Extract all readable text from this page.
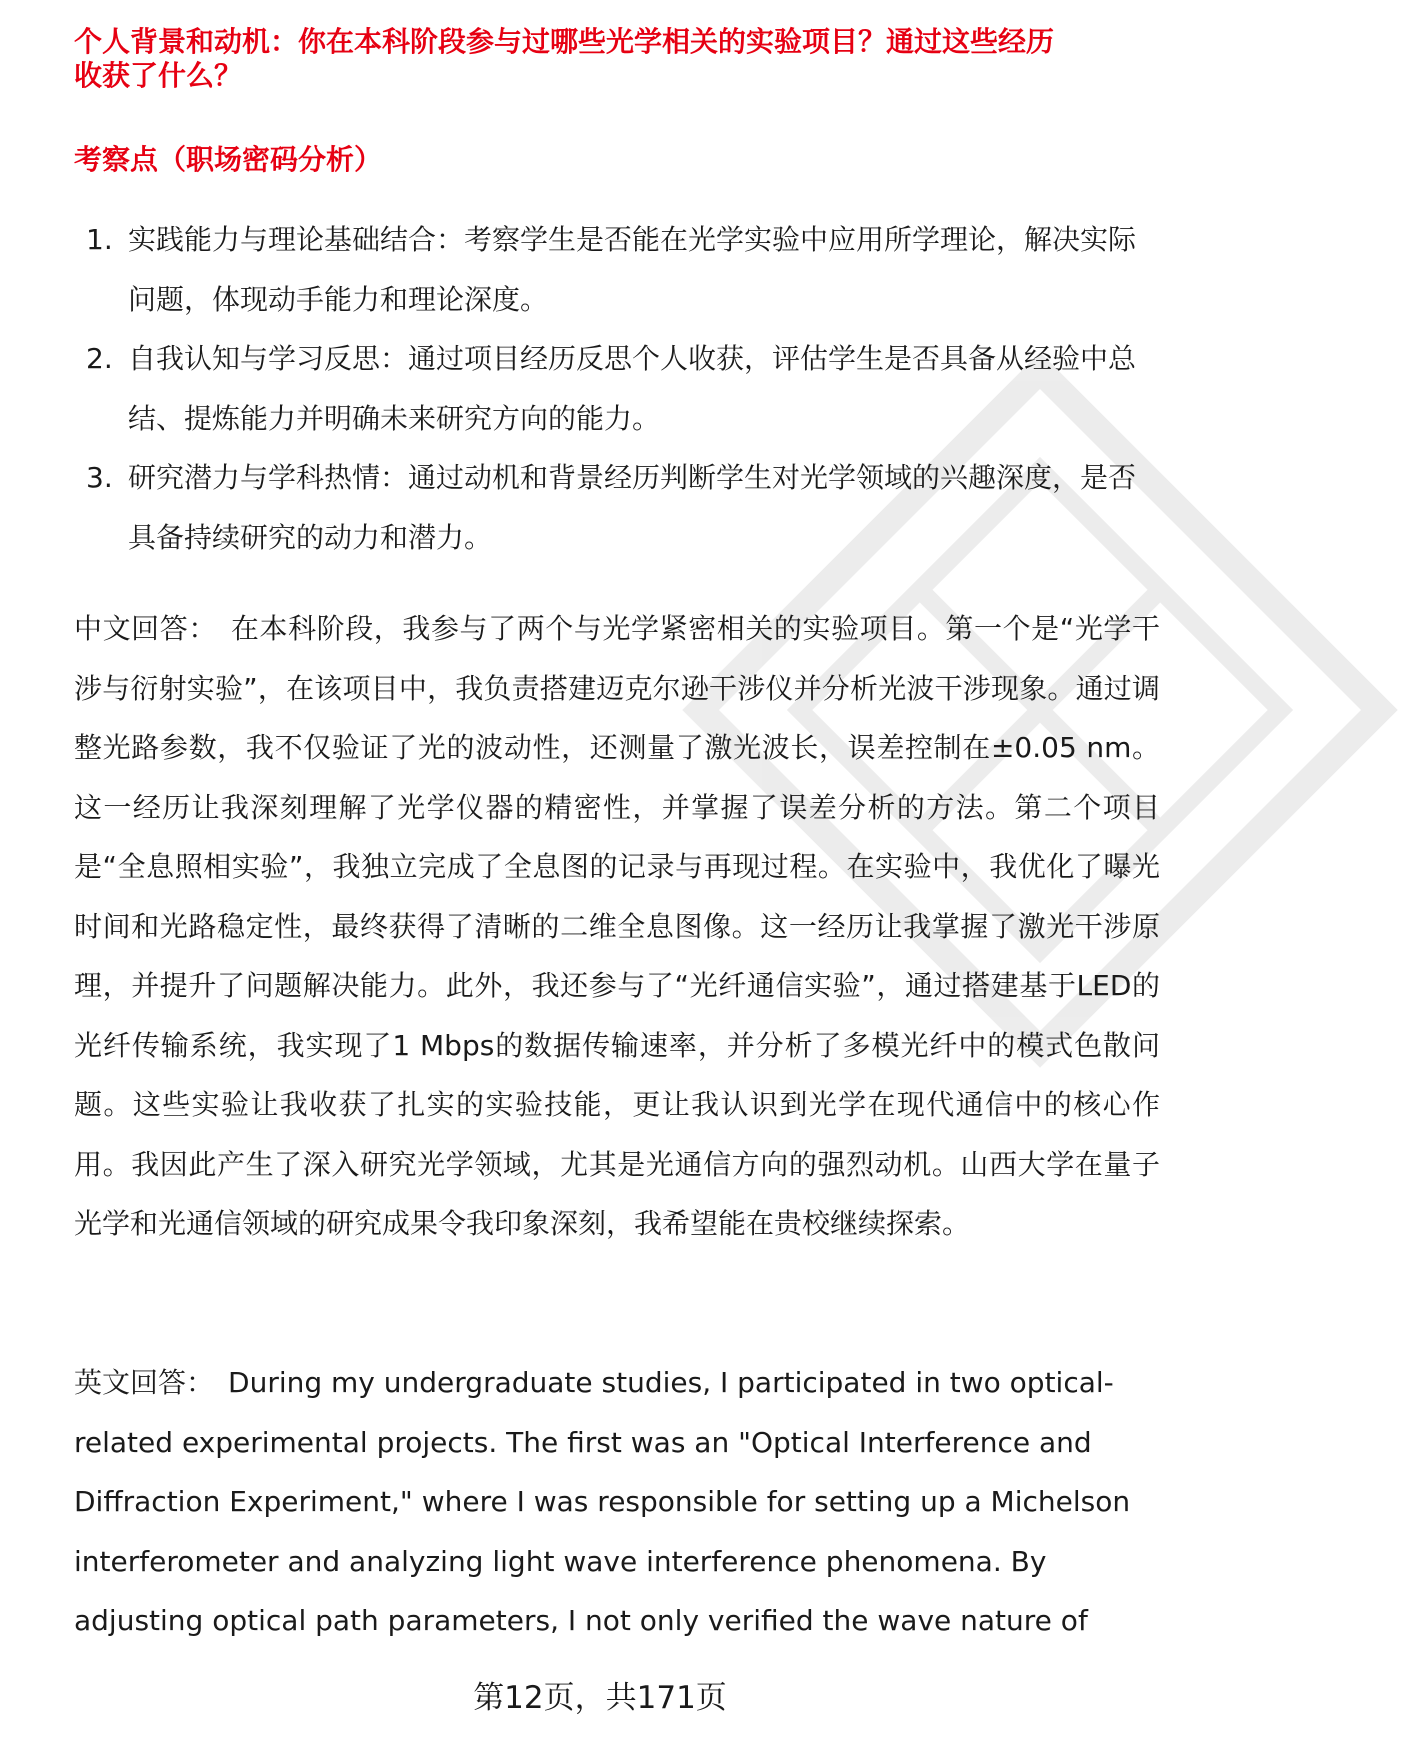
个人背景和动机：你在本科阶段参与过哪些光学相关的实验项目？通过这些经历
收获了什么？
考察点（职场密码分析）
1. 实践能力与理论基础结合：考察学生是否能在光学实验中应用所学理论，解决实际问题，体现动手能力和理论深度。
2. 自我认知与学习反思：通过项目经历反思个人收获，评估学生是否具备从经验中总结、提炼能力并明确未来研究方向的能力。
3. 研究潜力与学科热情：通过动机和背景经历判断学生对光学领域的兴趣深度，是否具备持续研究的动力和潜力。
中文回答： 在本科阶段，我参与了两个与光学紧密相关的实验项目。第一个是“光学干涉与衍射实验”，在该项目中，我负责搭建迈克尔逊干涉仪并分析光波干涉现象。通过调整光路参数，我不仅验证了光的波动性，还测量了激光波长，误差控制在±0.05 nm。这一经历让我深刻理解了光学仪器的精密性，并掌握了误差分析的方法。第二个项目是“全息照相实验”，我独立完成了全息图的记录与再现过程。在实验中，我优化了曝光时间和光路稳定性，最终获得了清晰的二维全息图像。这一经历让我掌握了激光干涉原理，并提升了问题解决能力。此外，我还参与了“光纤通信实验”，通过搭建基于LED的光纤传输系统，我实现了1 Mbps的数据传输速率，并分析了多模光纤中的模式色散问题。这些实验让我收获了扎实的实验技能，更让我认识到光学在现代通信中的核心作用。我因此产生了深入研究光学领域，尤其是光通信方向的强烈动机。山西大学在量子光学和光通信领域的研究成果令我印象深刻，我希望能在贵校继续探索。
英文回答： During my undergraduate studies, I participated in two optical-related experimental projects. The first was an "Optical Interference and Diffraction Experiment," where I was responsible for setting up a Michelson interferometer and analyzing light wave interference phenomena. By adjusting optical path parameters, I not only verified the wave nature of
第12页，共171页
